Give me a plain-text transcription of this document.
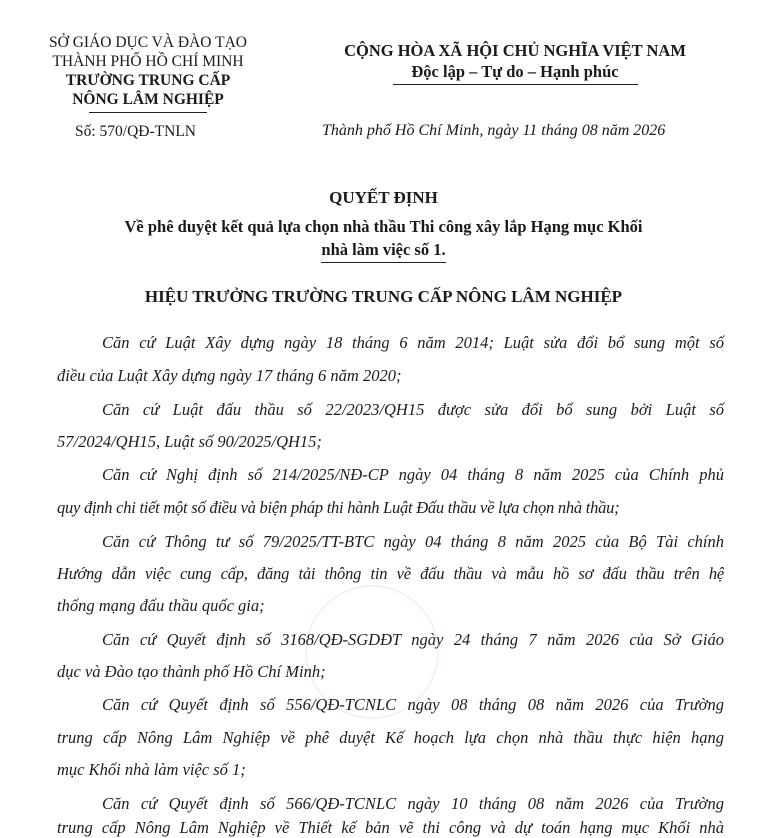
SỞ GIÁO DỤC VÀ ĐÀO TẠO
THÀNH PHỐ HỒ CHÍ MINH
TRƯỜNG TRUNG CẤP
NÔNG LÂM NGHIỆP
Số: 570/QĐ-TNLN
CỘNG HÒA XÃ HỘI CHỦ NGHĨA VIỆT NAM
Độc lập – Tự do – Hạnh phúc
Thành phố Hồ Chí Minh, ngày 11 tháng 08 năm 2026
QUYẾT ĐỊNH
Về phê duyệt kết quả lựa chọn nhà thầu Thi công xây lắp Hạng mục Khối
nhà làm việc số 1.
HIỆU TRƯỞNG TRƯỜNG TRUNG CẤP NÔNG LÂM NGHIỆP
Căn cứ Luật Xây dựng ngày 18 tháng 6 năm 2014; Luật sửa đổi bổ sung một số
điều của Luật Xây dựng ngày 17 tháng 6 năm 2020;
Căn cứ Luật đấu thầu số 22/2023/QH15 được sửa đổi bổ sung bởi Luật số
57/2024/QH15, Luật số 90/2025/QH15;
Căn cứ Nghị định số 214/2025/NĐ-CP ngày 04 tháng 8 năm 2025 của Chính phủ
quy định chi tiết một số điều và biện pháp thi hành Luật Đấu thầu về lựa chọn nhà thầu;
Căn cứ Thông tư số 79/2025/TT-BTC ngày 04 tháng 8 năm 2025 của Bộ Tài chính
Hướng dẫn việc cung cấp, đăng tải thông tin về đấu thầu và mẫu hồ sơ đấu thầu trên hệ
thống mạng đấu thầu quốc gia;
Căn cứ Quyết định số 3168/QĐ-SGDĐT ngày 24 tháng 7 năm 2026 của Sở Giáo
dục và Đào tạo thành phố Hồ Chí Minh;
Căn cứ Quyết định số 556/QĐ-TCNLC ngày 08 tháng 08 năm 2026 của Trường
trung cấp Nông Lâm Nghiệp về phê duyệt Kế hoạch lựa chọn nhà thầu thực hiện hạng
mục Khối nhà làm việc số 1;
Căn cứ Quyết định số 566/QĐ-TCNLC ngày 10 tháng 08 năm 2026 của Trường
trung cấp Nông Lâm Nghiệp về Thiết kế bản vẽ thi công và dự toán hạng mục Khối nhà
